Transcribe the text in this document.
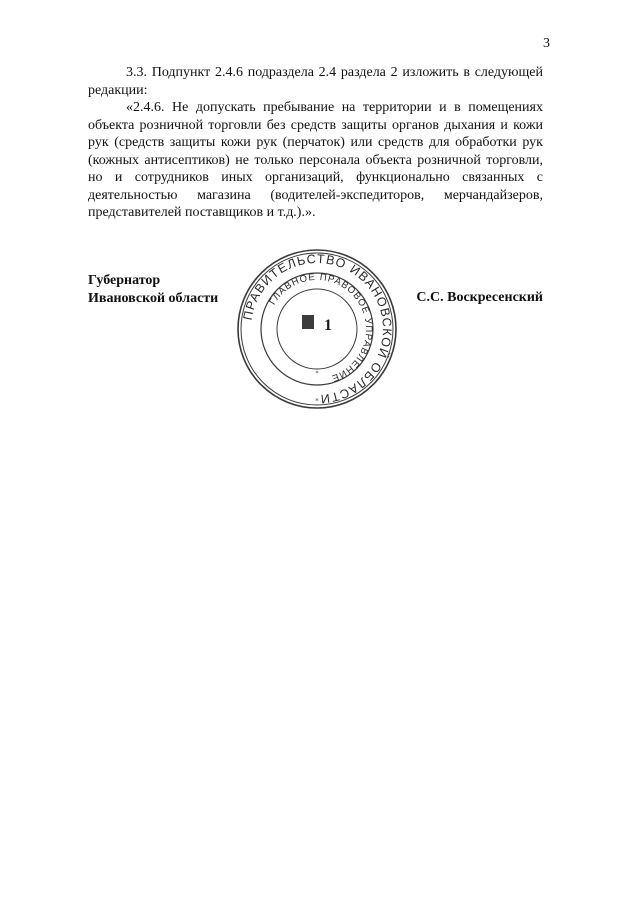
3

3.3. Подпункт 2.4.6 подраздела 2.4 раздела 2 изложить в следующей редакции:

«2.4.6. Не допускать пребывание на территории и в помещениях объекта розничной торговли без средств защиты органов дыхания и кожи рук (средств защиты кожи рук (перчаток) или средств для обработки рук (кожных антисептиков) не только персонала объекта розничной торговли, но и сотрудников иных организаций, функционально связанных с деятельностью магазина (водителей-экспедиторов, мерчандайзеров, представителей поставщиков и т.д.).».

Губернатор
Ивановской области	С.С. Воскресенский
ПРАВИТЕЛЬСТВО ИВАНОВСКОЙ ОБЛАСТИ
ГЛАВНОЕ ПРАВОВОЕ УПРАВЛЕНИЕ
*
*
1
